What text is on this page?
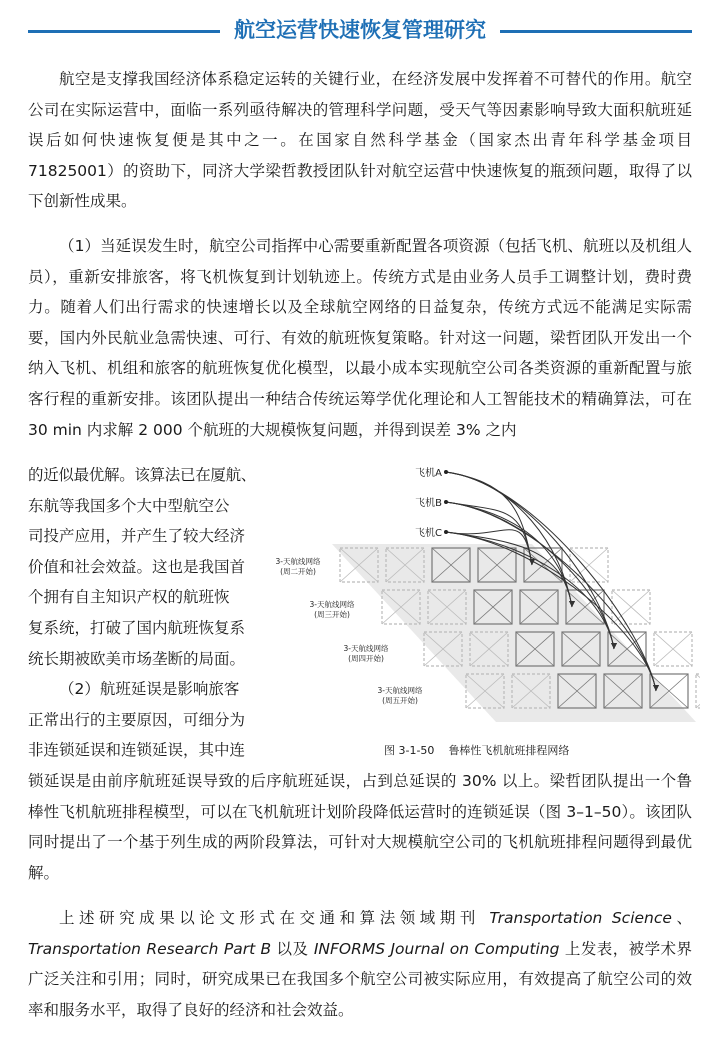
航空运营快速恢复管理研究

航空是支撑我国经济体系稳定运转的关键行业，在经济发展中发挥着不可替代的作用。航空公司在实际运营中，面临一系列亟待解决的管理科学问题，受天气等因素影响导致大面积航班延误后如何快速恢复便是其中之一。在国家自然科学基金（国家杰出青年科学基金项目 71825001）的资助下，同济大学梁哲教授团队针对航空运营中快速恢复的瓶颈问题，取得了以下创新性成果。

（1）当延误发生时，航空公司指挥中心需要重新配置各项资源（包括飞机、航班以及机组人员），重新安排旅客，将飞机恢复到计划轨迹上。传统方式是由业务人员手工调整计划，费时费力。随着人们出行需求的快速增长以及全球航空网络的日益复杂，传统方式远不能满足实际需要，国内外民航业急需快速、可行、有效的航班恢复策略。针对这一问题，梁哲团队开发出一个纳入飞机、机组和旅客的航班恢复优化模型，以最小成本实现航空公司各类资源的重新配置与旅客行程的重新安排。该团队提出一种结合传统运筹学优化理论和人工智能技术的精确算法，可在 30 min 内求解 2 000 个航班的大规模恢复问题，并得到误差 3% 之内

的近似最优解。该算法已在厦航、
东航等我国多个大中型航空公
司投产应用，并产生了较大经济
价值和社会效益。这也是我国首
个拥有自主知识产权的航班恢
复系统，打破了国内航班恢复系
统长期被欧美市场垄断的局面。
（2）航班延误是影响旅客
正常出行的主要原因，可细分为
非连锁延误和连锁延误，其中连

锁延误是由前序航班延误导致的后序航班延误，占到总延误的 30% 以上。梁哲团队提出一个鲁棒性飞机航班排程模型，可以在飞机航班计划阶段降低运营时的连锁延误（图 3–1–50）。该团队同时提出了一个基于列生成的两阶段算法，可针对大规模航空公司的飞机航班排程问题得到最优解。

上述研究成果以论文形式在交通和算法领域期刊 Transportation Science、Transportation Research Part B 以及 INFORMS Journal on Computing 上发表，被学术界广泛关注和引用；同时，研究成果已在我国多个航空公司被实际应用，有效提高了航空公司的效率和服务水平，取得了良好的经济和社会效益。

飞机A
飞机B
飞机C
3-天航线网络
(周二开始)
3-天航线网络
(周三开始)
3-天航线网络
(周四开始)
3-天航线网络
(周五开始)
图 3-1-50 鲁棒性飞机航班排程网络
